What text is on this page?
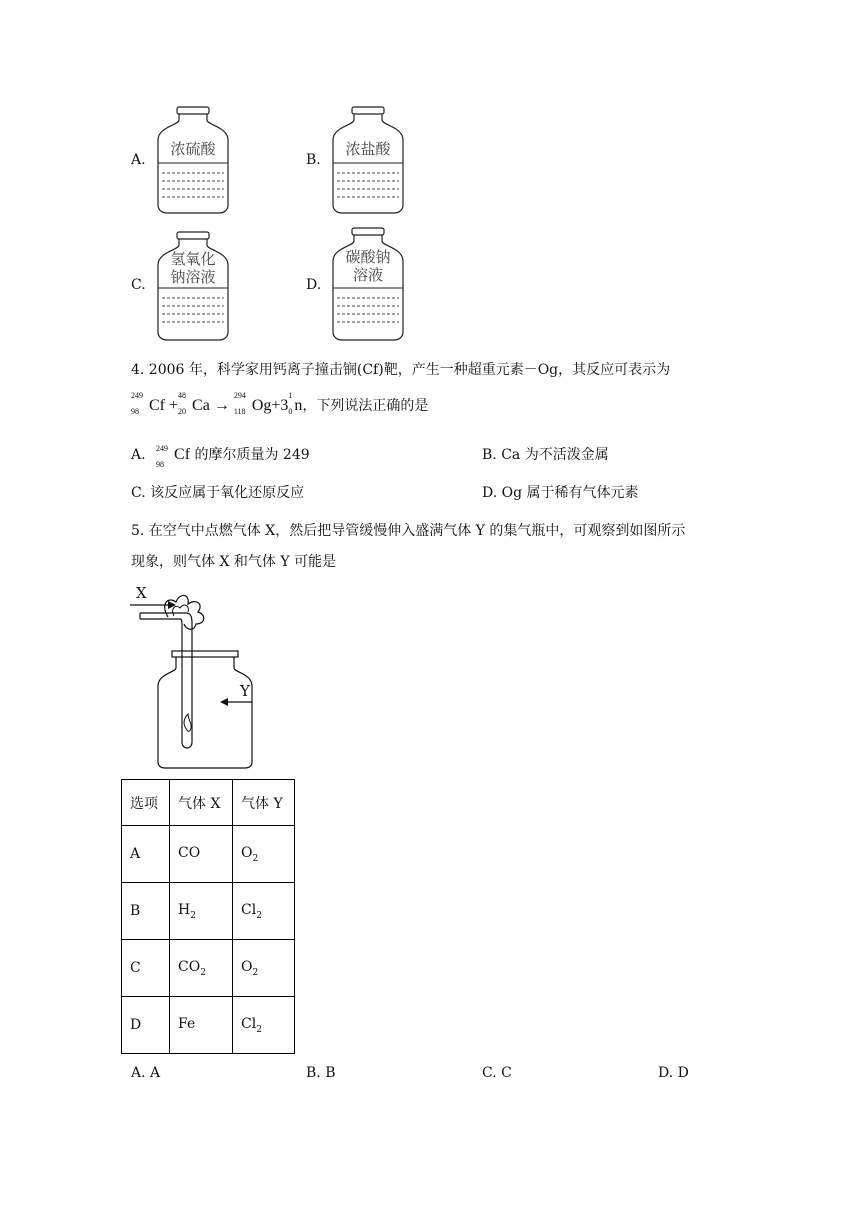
A.
浓硫酸
B.
浓盐酸
C.
氢氧化
钠溶液	D.
碳酸钠
溶液
4. 2006 年，科学家用钙离子撞击锎(Cf)靶，产生一种超重元素－Og，其反应可表示为
249
98 Cf +
48
20 Ca →
294
118 Og+3
1
0 n，下列说法正确的是
A. 249
98
Cf 的摩尔质量为 249	B. Ca 为不活泼金属
C. 该反应属于氧化还原反应	D. Og 属于稀有气体元素
5. 在空气中点燃气体 X，然后把导管缓慢伸入盛满气体 Y 的集气瓶中，可观察到如图所示
现象，则气体 X 和气体 Y 可能是
X
Y
选项	气体 X	气体 Y
A	CO	$O_2$
B	$H_2$	$Cl_2$
C	$CO_2$	$O_2$
D	Fe	$Cl_2$
A. A	B. B	C. C	D. D
